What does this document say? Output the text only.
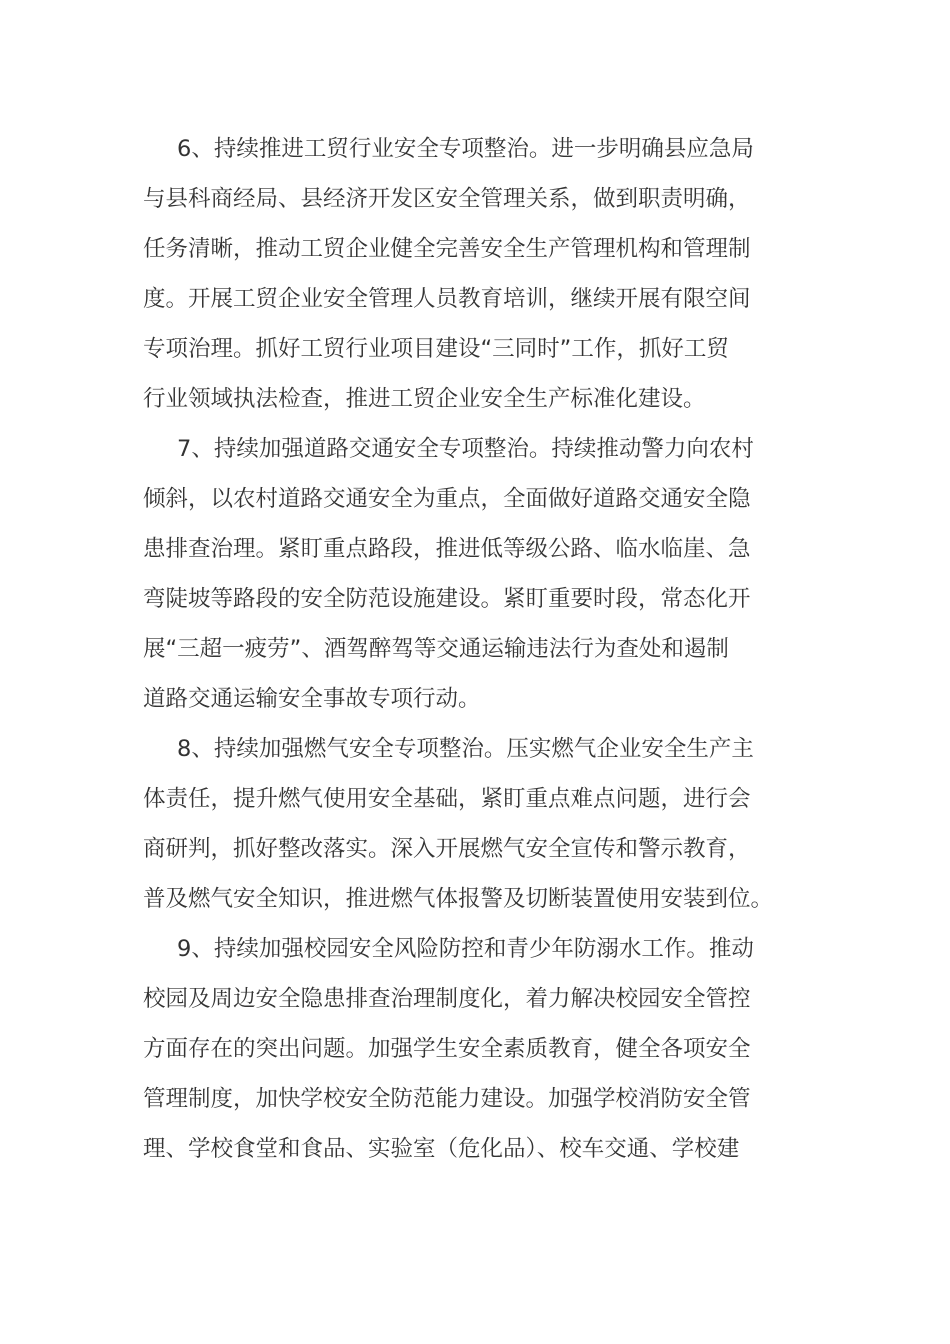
6、持续推进工贸行业安全专项整治。进一步明确县应急局
与县科商经局、县经济开发区安全管理关系，做到职责明确，
任务清晰，推动工贸企业健全完善安全生产管理机构和管理制
度。开展工贸企业安全管理人员教育培训，继续开展有限空间
专项治理。抓好工贸行业项目建设“三同时”工作，抓好工贸
行业领域执法检查，推进工贸企业安全生产标准化建设。
7、持续加强道路交通安全专项整治。持续推动警力向农村
倾斜，以农村道路交通安全为重点，全面做好道路交通安全隐
患排查治理。紧盯重点路段，推进低等级公路、临水临崖、急
弯陡坡等路段的安全防范设施建设。紧盯重要时段，常态化开
展“三超一疲劳”、酒驾醉驾等交通运输违法行为查处和遏制
道路交通运输安全事故专项行动。
8、持续加强燃气安全专项整治。压实燃气企业安全生产主
体责任，提升燃气使用安全基础，紧盯重点难点问题，进行会
商研判，抓好整改落实。深入开展燃气安全宣传和警示教育，
普及燃气安全知识，推进燃气体报警及切断装置使用安装到位。
9、持续加强校园安全风险防控和青少年防溺水工作。推动
校园及周边安全隐患排查治理制度化，着力解决校园安全管控
方面存在的突出问题。加强学生安全素质教育，健全各项安全
管理制度，加快学校安全防范能力建设。加强学校消防安全管
理、学校食堂和食品、实验室（危化品）、校车交通、学校建
